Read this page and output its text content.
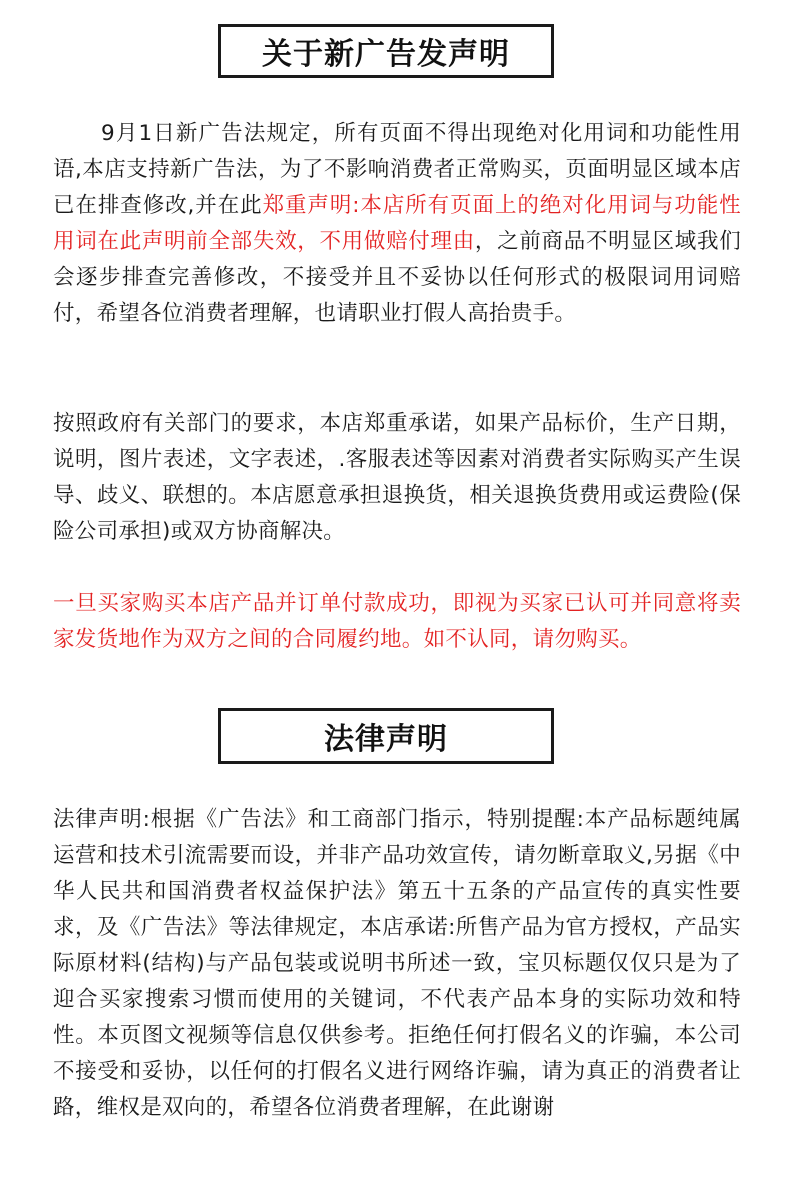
关于新广告发声明

9月1日新广告法规定，所有页面不得出现绝对化用词和功能性用语,本店支持新广告法，为了不影响消费者正常购买，页面明显区域本店已在排查修改,并在此郑重声明:本店所有页面上的绝对化用词与功能性用词在此声明前全部失效，不用做赔付理由，之前商品不明显区域我们会逐步排查完善修改，不接受并且不妥协以任何形式的极限词用词赔付，希望各位消费者理解，也请职业打假人高抬贵手。

按照政府有关部门的要求，本店郑重承诺，如果产品标价，生产日期，说明，图片表述，文字表述，.客服表述等因素对消费者实际购买产生误导、歧义、联想的。本店愿意承担退换货，相关退换货费用或运费险(保险公司承担)或双方协商解决。

一旦买家购买本店产品并订单付款成功，即视为买家已认可并同意将卖家发货地作为双方之间的合同履约地。如不认同，请勿购买。

法律声明

法律声明:根据《广告法》和工商部门指示，特别提醒:本产品标题纯属运营和技术引流需要而设，并非产品功效宣传，请勿断章取义,另据《中华人民共和国消费者权益保护法》第五十五条的产品宣传的真实性要求，及《广告法》等法律规定，本店承诺:所售产品为官方授权，产品实际原材料(结构)与产品包装或说明书所述一致，宝贝标题仅仅只是为了迎合买家搜索习惯而使用的关键词，不代表产品本身的实际功效和特性。本页图文视频等信息仅供参考。拒绝任何打假名义的诈骗，本公司不接受和妥协，以任何的打假名义进行网络诈骗，请为真正的消费者让路，维权是双向的，希望各位消费者理解，在此谢谢
